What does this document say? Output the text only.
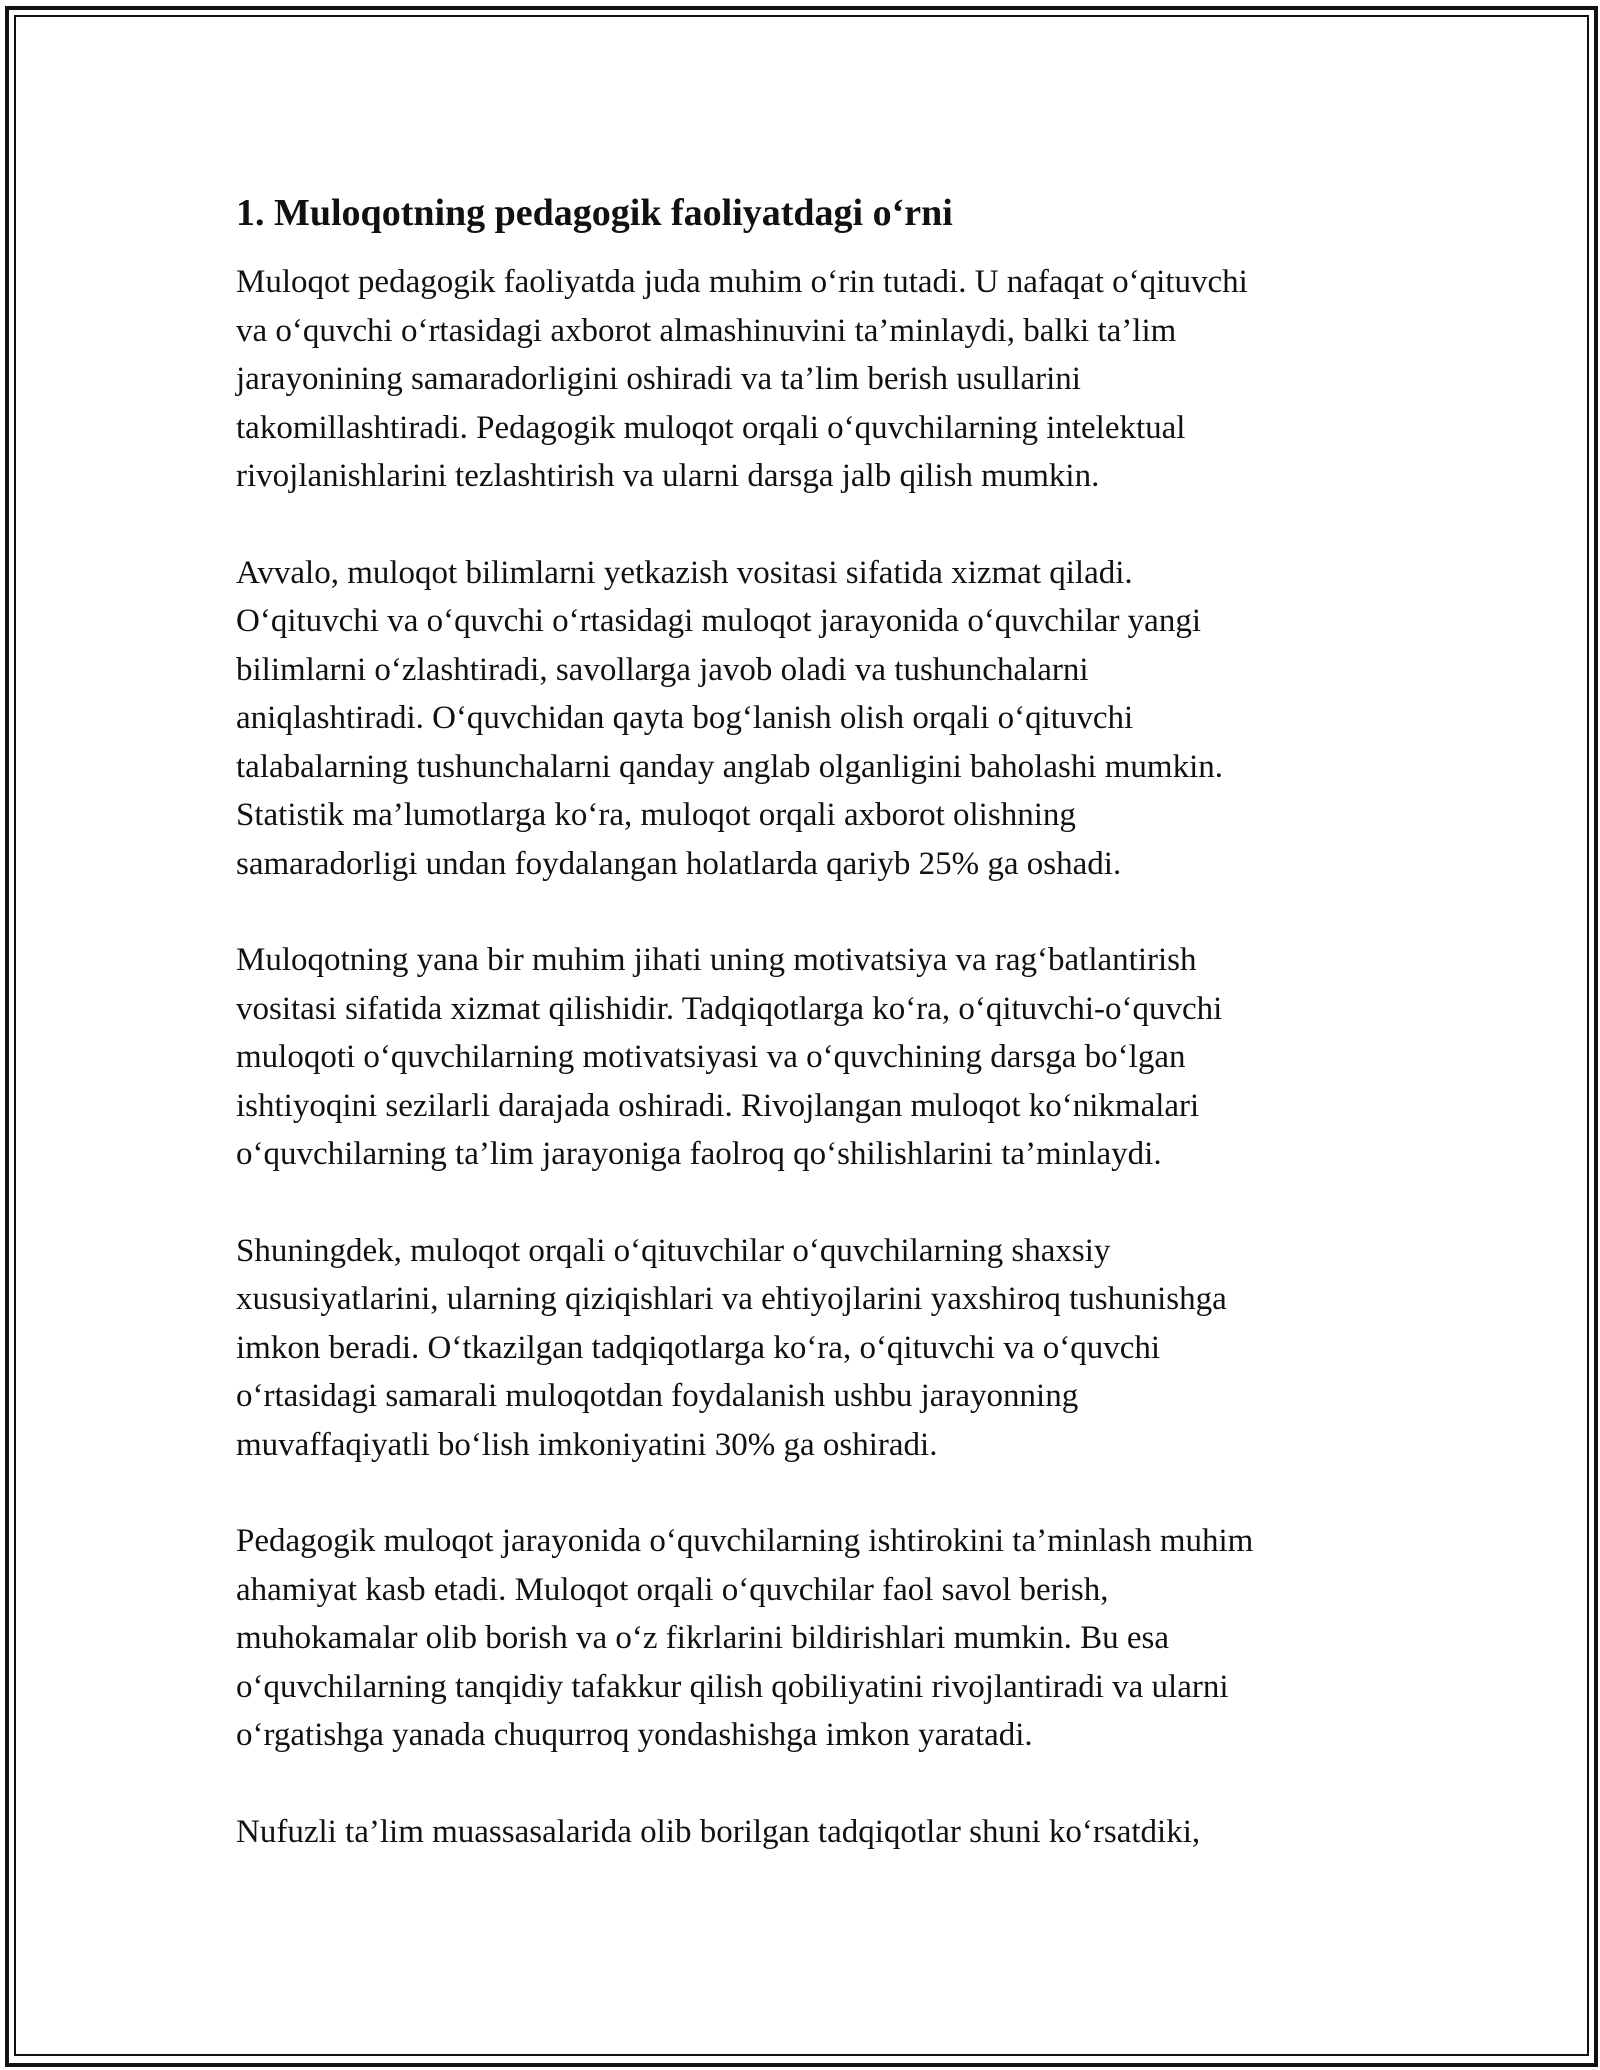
1. Muloqotning pedagogik faoliyatdagi o‘rni

Muloqot pedagogik faoliyatda juda muhim o‘rin tutadi. U nafaqat o‘qituvchi
va o‘quvchi o‘rtasidagi axborot almashinuvini ta’minlaydi, balki ta’lim
jarayonining samaradorligini oshiradi va ta’lim berish usullarini
takomillashtiradi. Pedagogik muloqot orqali o‘quvchilarning intelektual
rivojlanishlarini tezlashtirish va ularni darsga jalb qilish mumkin.

Avvalo, muloqot bilimlarni yetkazish vositasi sifatida xizmat qiladi.
O‘qituvchi va o‘quvchi o‘rtasidagi muloqot jarayonida o‘quvchilar yangi
bilimlarni o‘zlashtiradi, savollarga javob oladi va tushunchalarni
aniqlashtiradi. O‘quvchidan qayta bog‘lanish olish orqali o‘qituvchi
talabalarning tushunchalarni qanday anglab olganligini baholashi mumkin.
Statistik ma’lumotlarga ko‘ra, muloqot orqali axborot olishning
samaradorligi undan foydalangan holatlarda qariyb 25% ga oshadi.

Muloqotning yana bir muhim jihati uning motivatsiya va rag‘batlantirish
vositasi sifatida xizmat qilishidir. Tadqiqotlarga ko‘ra, o‘qituvchi-o‘quvchi
muloqoti o‘quvchilarning motivatsiyasi va o‘quvchining darsga bo‘lgan
ishtiyoqini sezilarli darajada oshiradi. Rivojlangan muloqot ko‘nikmalari
o‘quvchilarning ta’lim jarayoniga faolroq qo‘shilishlarini ta’minlaydi.

Shuningdek, muloqot orqali o‘qituvchilar o‘quvchilarning shaxsiy
xususiyatlarini, ularning qiziqishlari va ehtiyojlarini yaxshiroq tushunishga
imkon beradi. O‘tkazilgan tadqiqotlarga ko‘ra, o‘qituvchi va o‘quvchi
o‘rtasidagi samarali muloqotdan foydalanish ushbu jarayonning
muvaffaqiyatli bo‘lish imkoniyatini 30% ga oshiradi.

Pedagogik muloqot jarayonida o‘quvchilarning ishtirokini ta’minlash muhim
ahamiyat kasb etadi. Muloqot orqali o‘quvchilar faol savol berish,
muhokamalar olib borish va o‘z fikrlarini bildirishlari mumkin. Bu esa
o‘quvchilarning tanqidiy tafakkur qilish qobiliyatini rivojlantiradi va ularni
o‘rgatishga yanada chuqurroq yondashishga imkon yaratadi.

Nufuzli ta’lim muassasalarida olib borilgan tadqiqotlar shuni ko‘rsatdiki,
